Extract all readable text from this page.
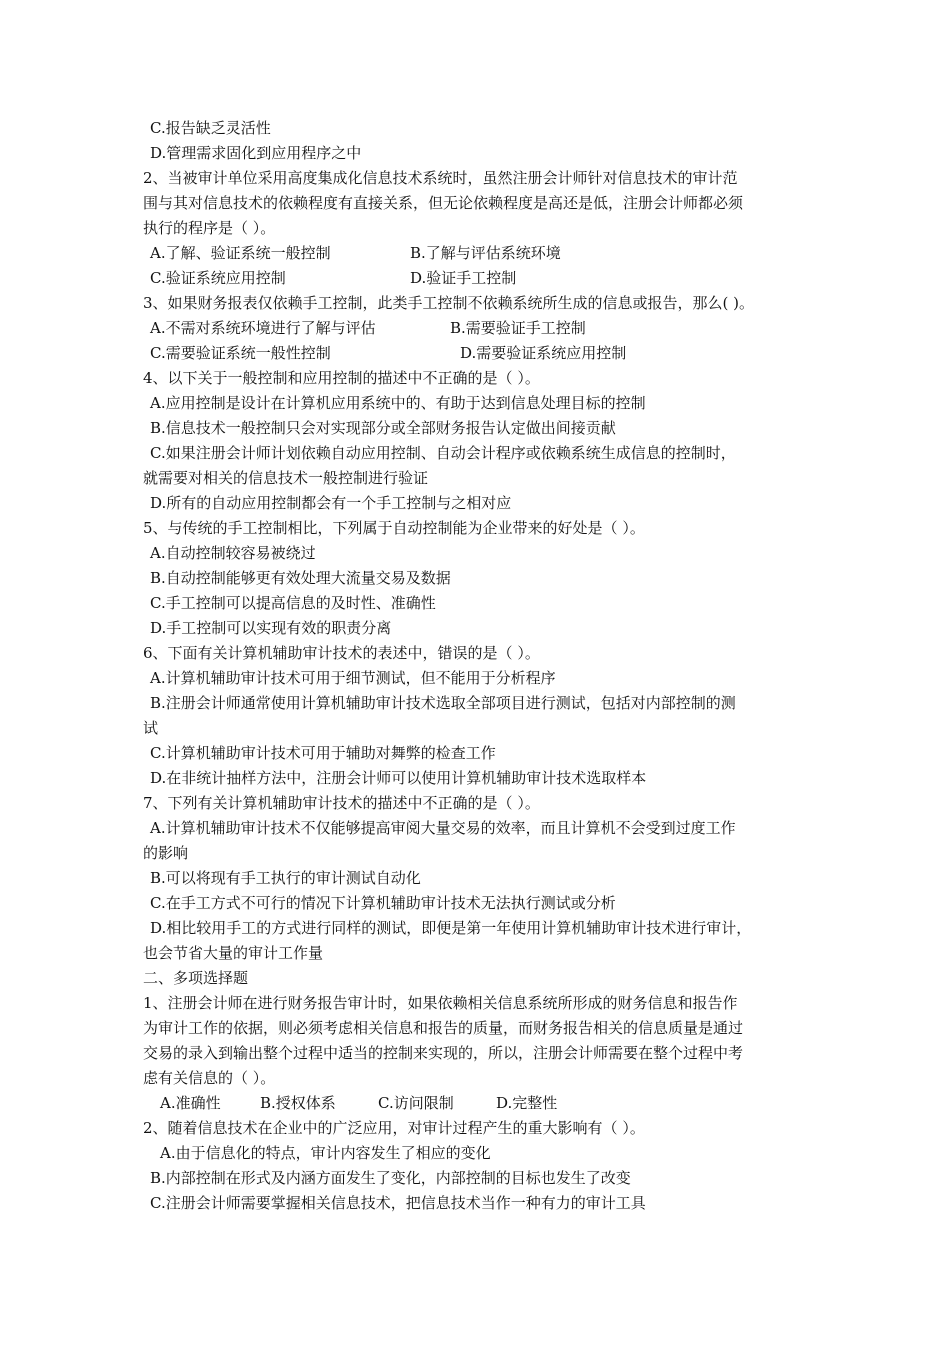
C.报告缺乏灵活性
D.管理需求固化到应用程序之中
2、当被审计单位采用高度集成化信息技术系统时，虽然注册会计师针对信息技术的审计范
围与其对信息技术的依赖程度有直接关系，但无论依赖程度是高还是低，注册会计师都必须
执行的程序是（ ）。
A.了解、验证系统一般控制	B.了解与评估系统环境
C.验证系统应用控制	D.验证手工控制
3、如果财务报表仅依赖手工控制，此类手工控制不依赖系统所生成的信息或报告，那么( )。
A.不需对系统环境进行了解与评估	B.需要验证手工控制
C.需要验证系统一般性控制	D.需要验证系统应用控制
4、以下关于一般控制和应用控制的描述中不正确的是（ ）。
A.应用控制是设计在计算机应用系统中的、有助于达到信息处理目标的控制
B.信息技术一般控制只会对实现部分或全部财务报告认定做出间接贡献
C.如果注册会计师计划依赖自动应用控制、自动会计程序或依赖系统生成信息的控制时，
就需要对相关的信息技术一般控制进行验证
D.所有的自动应用控制都会有一个手工控制与之相对应
5、与传统的手工控制相比，下列属于自动控制能为企业带来的好处是（ ）。
A.自动控制较容易被绕过
B.自动控制能够更有效处理大流量交易及数据
C.手工控制可以提高信息的及时性、准确性
D.手工控制可以实现有效的职责分离
6、下面有关计算机辅助审计技术的表述中，错误的是（ ）。
A.计算机辅助审计技术可用于细节测试，但不能用于分析程序
B.注册会计师通常使用计算机辅助审计技术选取全部项目进行测试，包括对内部控制的测
试
C.计算机辅助审计技术可用于辅助对舞弊的检查工作
D.在非统计抽样方法中，注册会计师可以使用计算机辅助审计技术选取样本
7、下列有关计算机辅助审计技术的描述中不正确的是（ ）。
A.计算机辅助审计技术不仅能够提高审阅大量交易的效率，而且计算机不会受到过度工作
的影响
B.可以将现有手工执行的审计测试自动化
C.在手工方式不可行的情况下计算机辅助审计技术无法执行测试或分析
D.相比较用手工的方式进行同样的测试，即便是第一年使用计算机辅助审计技术进行审计，
也会节省大量的审计工作量
二、多项选择题
1、注册会计师在进行财务报告审计时，如果依赖相关信息系统所形成的财务信息和报告作
为审计工作的依据，则必须考虑相关信息和报告的质量，而财务报告相关的信息质量是通过
交易的录入到输出整个过程中适当的控制来实现的，所以，注册会计师需要在整个过程中考
虑有关信息的（ ）。
A.准确性	B.授权体系	C.访问限制	D.完整性
2、随着信息技术在企业中的广泛应用，对审计过程产生的重大影响有（ ）。
A.由于信息化的特点，审计内容发生了相应的变化
B.内部控制在形式及内涵方面发生了变化，内部控制的目标也发生了改变
C.注册会计师需要掌握相关信息技术，把信息技术当作一种有力的审计工具
